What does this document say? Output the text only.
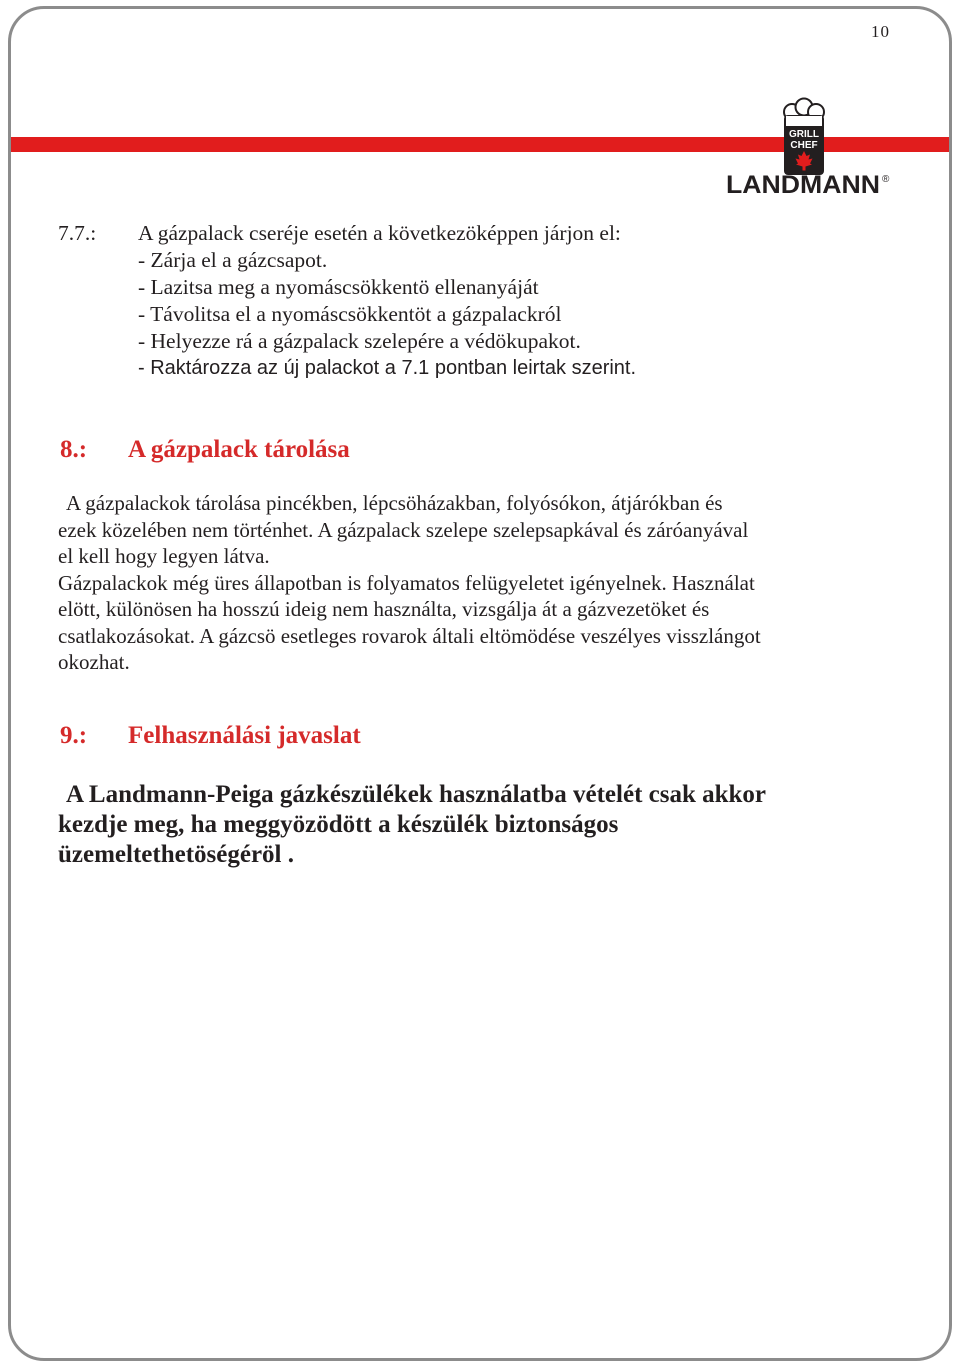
10
GRILL
CHEF
LANDMANN ®
7.7.: A gázpalack cseréje esetén a következöképpen járjon el:
- Zárja el a gázcsapot.
- Lazitsa meg a nyomáscsökkentö ellenanyáját
- Távolitsa el a nyomáscsökkentöt a gázpalackról
- Helyezze rá a gázpalack szelepére a védökupakot.
- Raktározza az új palackot a 7.1 pontban leirtak szerint.
8.: A gázpalack tárolása
A gázpalackok tárolása pincékben, lépcsöházakban, folyósókon, átjárókban és
ezek közelében nem történhet. A gázpalack szelepe szelepsapkával és záróanyával
el kell hogy legyen látva.
Gázpalackok még üres állapotban is folyamatos felügyeletet igényelnek. Használat
elött, különösen ha hosszú ideig nem használta, vizsgálja át a gázvezetöket és
csatlakozásokat. A gázcsö esetleges rovarok általi eltömödése veszélyes visszlángot
okozhat.
9.: Felhasználási javaslat
A Landmann-Peiga gázkészülékek használatba vételét csak akkor
kezdje meg, ha meggyözödött a készülék biztonságos
üzemeltethetöségéröl .
